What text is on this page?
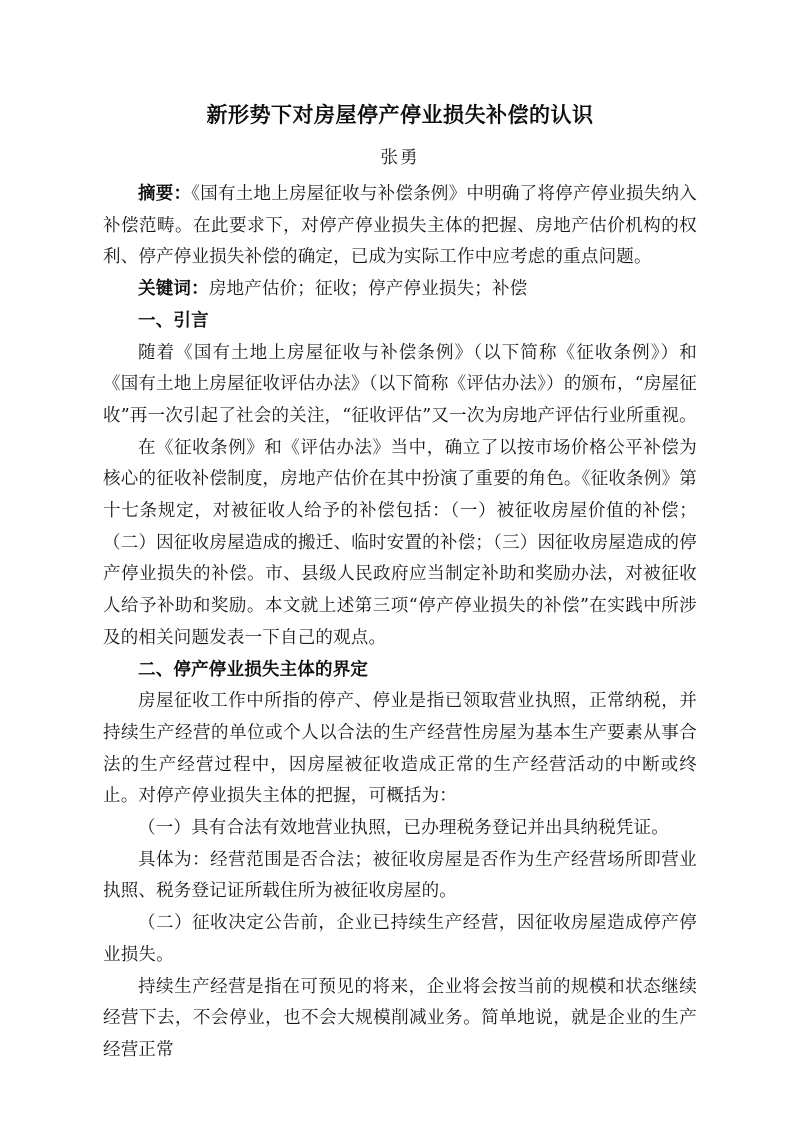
新形势下对房屋停产停业损失补偿的认识
张勇

摘要：《国有土地上房屋征收与补偿条例》中明确了将停产停业损失纳入补偿范畴。在此要求下，对停产停业损失主体的把握、房地产估价机构的权利、停产停业损失补偿的确定，已成为实际工作中应考虑的重点问题。

关键词：房地产估价；征收；停产停业损失；补偿

一、引言

随着《国有土地上房屋征收与补偿条例》（以下简称《征收条例》）和《国有土地上房屋征收评估办法》（以下简称《评估办法》）的颁布，“房屋征收”再一次引起了社会的关注，“征收评估”又一次为房地产评估行业所重视。

在《征收条例》和《评估办法》当中，确立了以按市场价格公平补偿为核心的征收补偿制度，房地产估价在其中扮演了重要的角色。《征收条例》第十七条规定，对被征收人给予的补偿包括：（一）被征收房屋价值的补偿；（二）因征收房屋造成的搬迁、临时安置的补偿；（三）因征收房屋造成的停产停业损失的补偿。市、县级人民政府应当制定补助和奖励办法，对被征收人给予补助和奖励。本文就上述第三项“停产停业损失的补偿”在实践中所涉及的相关问题发表一下自己的观点。

二、停产停业损失主体的界定

房屋征收工作中所指的停产、停业是指已领取营业执照，正常纳税，并持续生产经营的单位或个人以合法的生产经营性房屋为基本生产要素从事合法的生产经营过程中，因房屋被征收造成正常的生产经营活动的中断或终止。对停产停业损失主体的把握，可概括为：

（一）具有合法有效地营业执照，已办理税务登记并出具纳税凭证。

具体为：经营范围是否合法；被征收房屋是否作为生产经营场所即营业执照、税务登记证所载住所为被征收房屋的。

（二）征收决定公告前，企业已持续生产经营，因征收房屋造成停产停业损失。

持续生产经营是指在可预见的将来，企业将会按当前的规模和状态继续经营下去，不会停业，也不会大规模削减业务。简单地说，就是企业的生产经营正常
